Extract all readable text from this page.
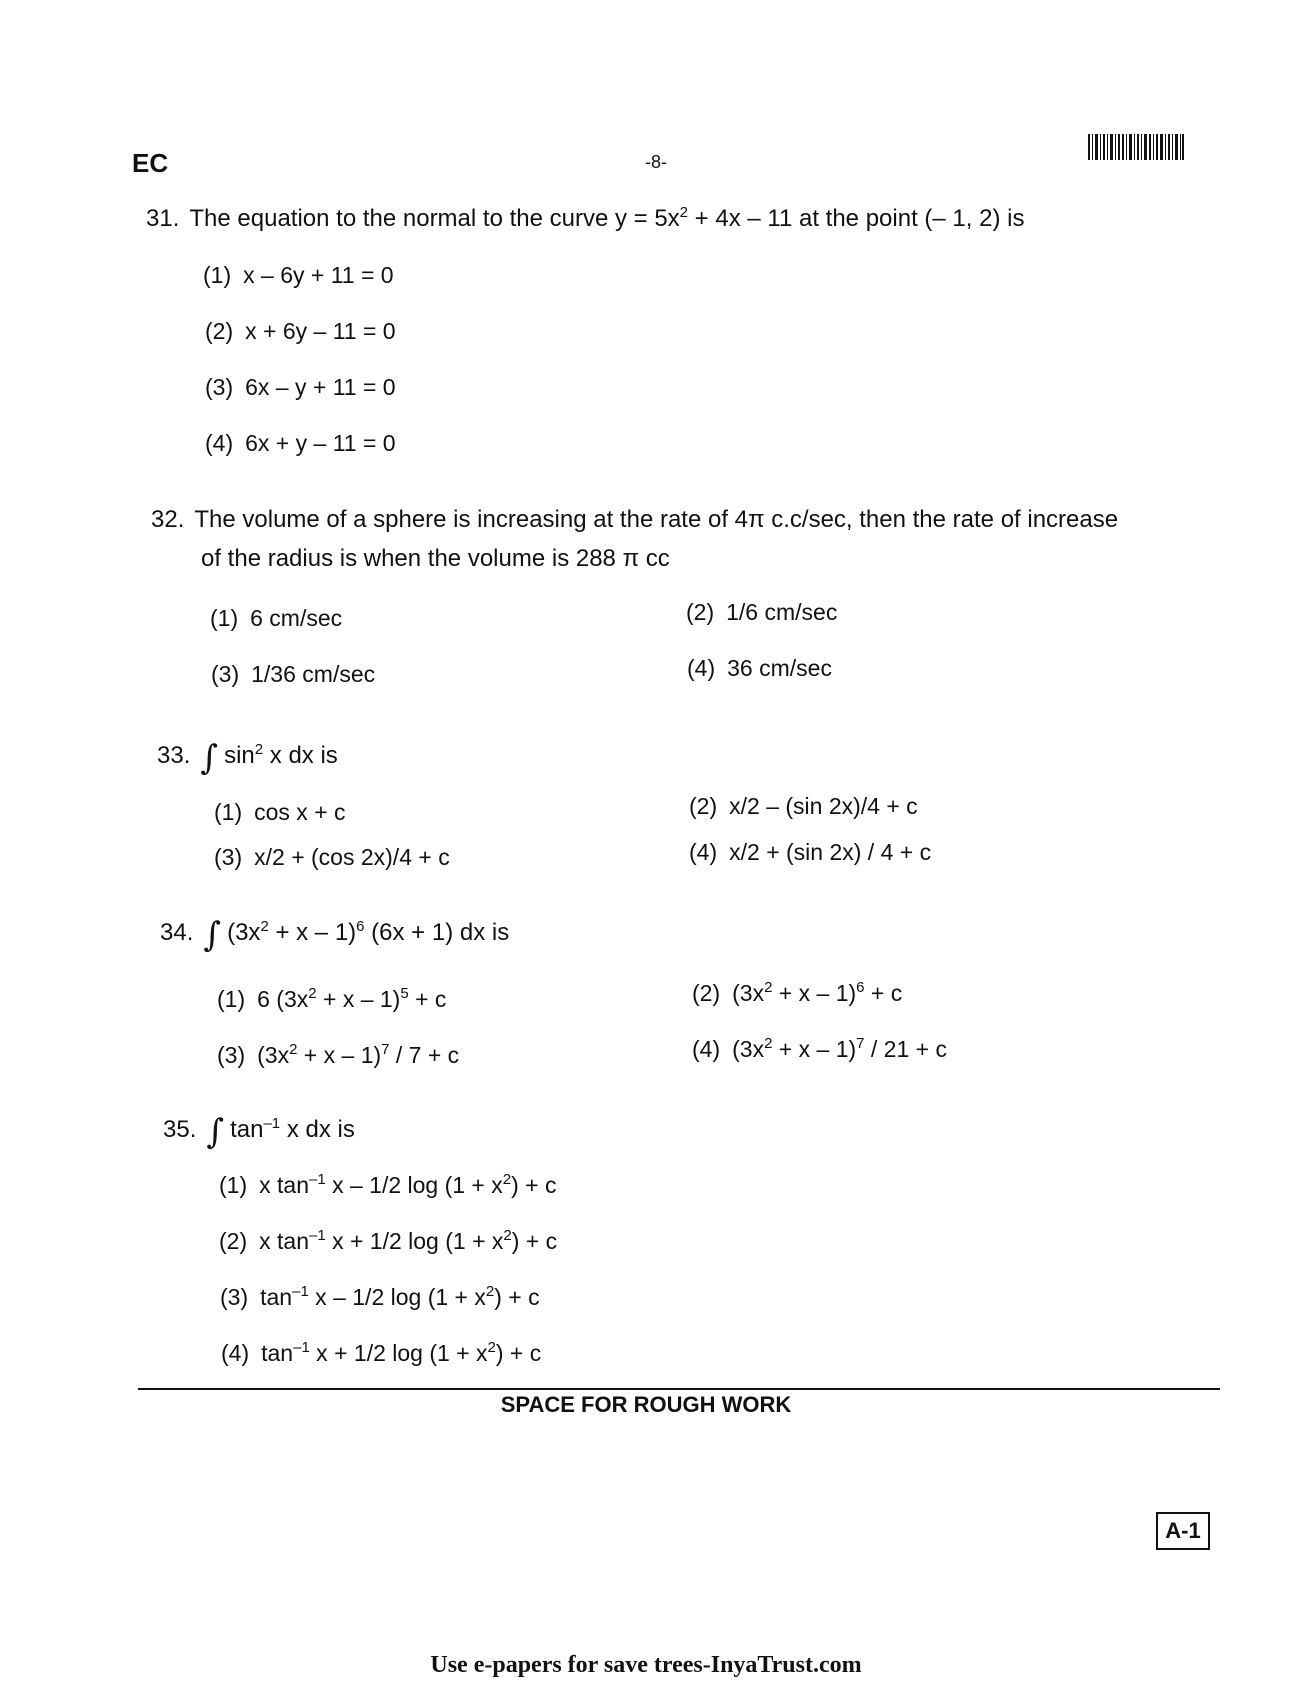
EC	-8-
31. The equation to the normal to the curve $y = 5x^2 + 4x - 11$ at the point (– 1, 2) is
(1) x – 6y + 11 = 0
(2) x + 6y – 11 = 0
(3) 6x – y + 11 = 0
(4) 6x + y – 11 = 0
32. The volume of a sphere is increasing at the rate of 4π c.c/sec, then the rate of increase
of the radius is when the volume is 288 π cc
(1) 6 cm/sec	(2) 1/6 cm/sec
(3) 1/36 cm/sec	(4) 36 cm/sec
33. ∫ $\sin^2 x$ dx is
(1) cos x + c	(2) x/2 – (sin 2x)/4 + c
(3) x/2 + (cos 2x)/4 + c	(4) x/2 + (sin 2x) / 4 + c
34. ∫ $(3x^2 + x - 1)^6$ (6x + 1) dx is
(1) 6 $(3x^2 + x - 1)^5 + c$	(2) $(3x^2 + x - 1)^6 + c$
(3) $(3x^2 + x - 1)^7 / 7 + c$	(4) $(3x^2 + x - 1)^7 / 21 + c$
35. ∫ $\tan^{-1} x$ dx is
(1) x $\tan^{-1} x - 1/2$ $\log (1 + x^2) + c$
(2) x $\tan^{-1} x + 1/2$ $\log (1 + x^2) + c$
(3) $\tan^{-1} x - 1/2$ $\log (1 + x^2) + c$
(4) $\tan^{-1} x + 1/2$ $\log (1 + x^2) + c$
SPACE FOR ROUGH WORK
A-1
Use e-papers for save trees-InyaTrust.com
